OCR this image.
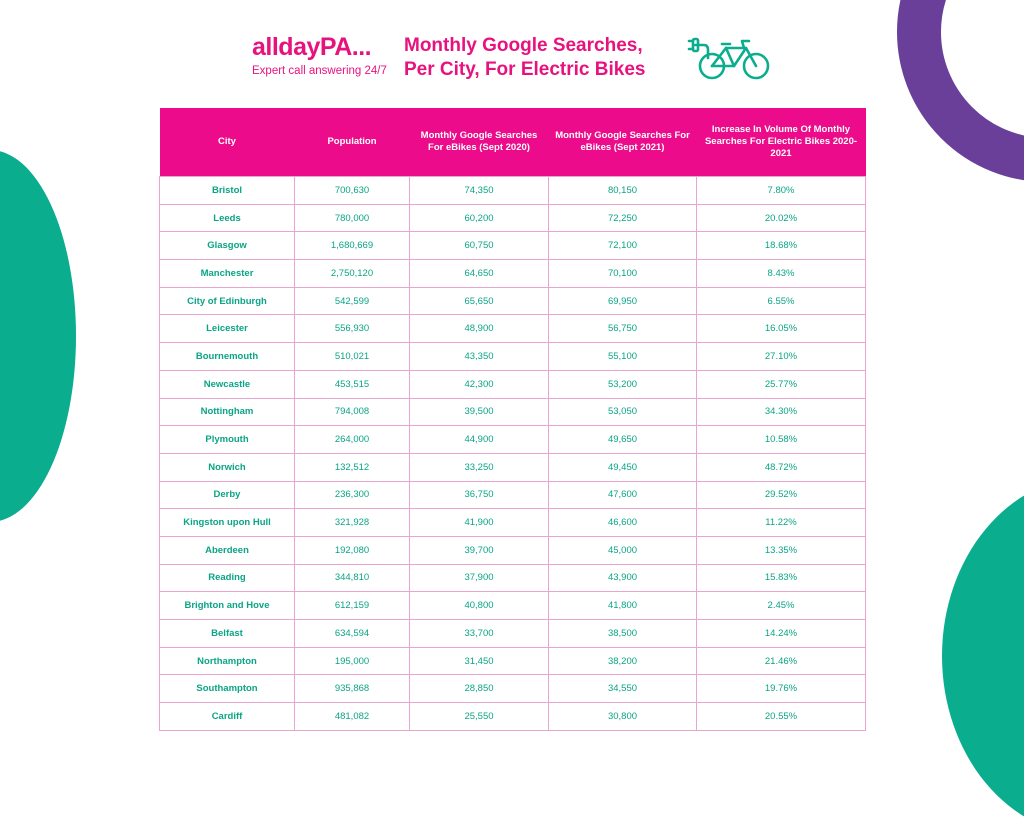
alldayPA...
Expert call answering 24/7
Monthly Google Searches,
Per City, For Electric Bikes
City	Population	Monthly Google Searches For eBikes (Sept 2020)	Monthly Google Searches For eBikes (Sept 2021)	Increase In Volume Of Monthly Searches For Electric Bikes 2020-2021
Bristol	700,630	74,350	80,150	7.80%
Leeds	780,000	60,200	72,250	20.02%
Glasgow	1,680,669	60,750	72,100	18.68%
Manchester	2,750,120	64,650	70,100	8.43%
City of Edinburgh	542,599	65,650	69,950	6.55%
Leicester	556,930	48,900	56,750	16.05%
Bournemouth	510,021	43,350	55,100	27.10%
Newcastle	453,515	42,300	53,200	25.77%
Nottingham	794,008	39,500	53,050	34.30%
Plymouth	264,000	44,900	49,650	10.58%
Norwich	132,512	33,250	49,450	48.72%
Derby	236,300	36,750	47,600	29.52%
Kingston upon Hull	321,928	41,900	46,600	11.22%
Aberdeen	192,080	39,700	45,000	13.35%
Reading	344,810	37,900	43,900	15.83%
Brighton and Hove	612,159	40,800	41,800	2.45%
Belfast	634,594	33,700	38,500	14.24%
Northampton	195,000	31,450	38,200	21.46%
Southampton	935,868	28,850	34,550	19.76%
Cardiff	481,082	25,550	30,800	20.55%
